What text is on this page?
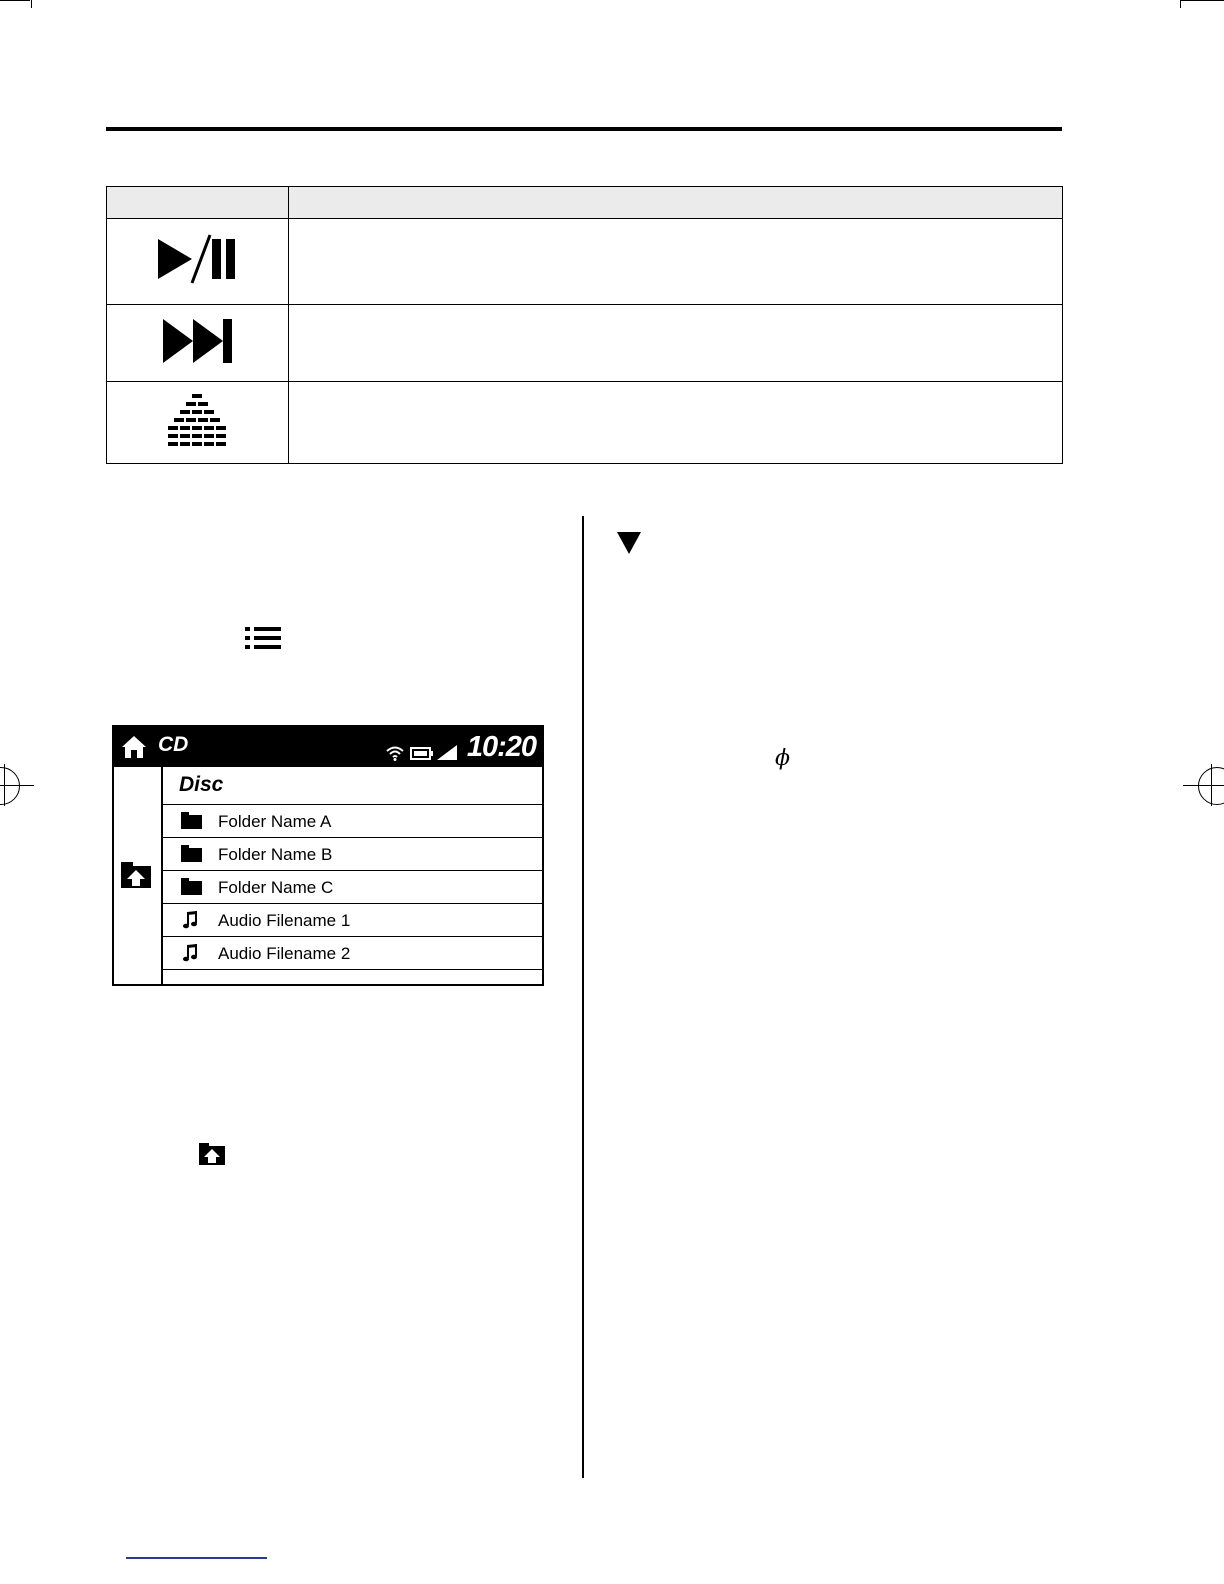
CD	10:20
Disc
Folder Name A
Folder Name B
Folder Name C
Audio Filename 1
Audio Filename 2
ϕ
